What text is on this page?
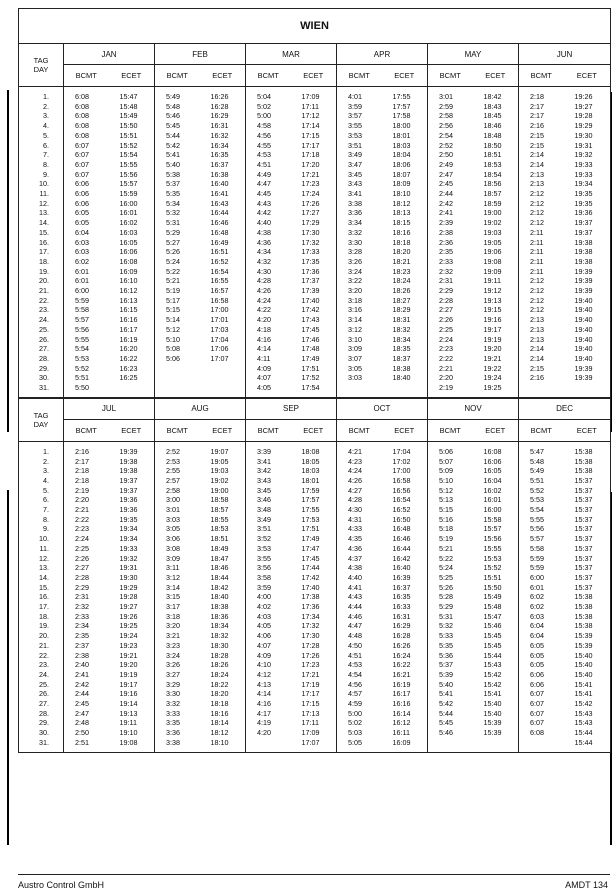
WIEN												

TAG
DAY	JAN		FEB		MAR		APR		MAY		JUN	
	BCMT	ECET	BCMT	ECET	BCMT	ECET	BCMT	ECET	BCMT	ECET	BCMT	ECET
1.	6:08	15:47	5:49	16:26	5:04	17:09	4:01	17:55	3:01	18:42	2:18	19:26
2.	6:08	15:48	5:48	16:28	5:02	17:11	3:59	17:57	2:59	18:43	2:17	19:27
3.	6:08	15:49	5:46	16:29	5:00	17:12	3:57	17:58	2:58	18:45	2:17	19:28
4.	6:08	15:50	5:45	16:31	4:58	17:14	3:55	18:00	2:56	18:46	2:16	19:29
5.	6:08	15:51	5:44	16:32	4:56	17:15	3:53	18:01	2:54	18:48	2:15	19:30
6.	6:07	15:52	5:42	16:34	4:55	17:17	3:51	18:03	2:52	18:50	2:15	19:31
7.	6:07	15:54	5:41	16:35	4:53	17:18	3:49	18:04	2:50	18:51	2:14	19:32
8.	6:07	15:55	5:40	16:37	4:51	17:20	3:47	18:06	2:49	18:53	2:14	19:33
9.	6:07	15:56	5:38	16:38	4:49	17:21	3:45	18:07	2:47	18:54	2:13	19:33
10.	6:06	15:57	5:37	16:40	4:47	17:23	3:43	18:09	2:45	18:56	2:13	19:34
11.	6:06	15:59	5:35	16:41	4:45	17:24	3:41	18:10	2:44	18:57	2:12	19:35
12.	6:06	16:00	5:34	16:43	4:43	17:26	3:38	18:12	2:42	18:59	2:12	19:35
13.	6:05	16:01	5:32	16:44	4:42	17:27	3:36	18:13	2:41	19:00	2:12	19:36
14.	6:05	16:02	5:31	16:46	4:40	17:29	3:34	18:15	2:39	19:02	2:12	19:37
15.	6:04	16:03	5:29	16:48	4:38	17:30	3:32	18:16	2:38	19:03	2:11	19:37
16.	6:03	16:05	5:27	16:49	4:36	17:32	3:30	18:18	2:36	19:05	2:11	19:38
17.	6:03	16:06	5:26	16:51	4:34	17:33	3:28	18:20	2:35	19:06	2:11	19:38
18.	6:02	16:08	5:24	16:52	4:32	17:35	3:26	18:21	2:33	19:08	2:11	19:38
19.	6:01	16:09	5:22	16:54	4:30	17:36	3:24	18:23	2:32	19:09	2:11	19:39
20.	6:01	16:10	5:21	16:55	4:28	17:37	3:22	18:24	2:31	19:11	2:12	19:39
21.	6:00	16:12	5:19	16:57	4:26	17:39	3:20	18:26	2:29	19:12	2:12	19:39
22.	5:59	16:13	5:17	16:58	4:24	17:40	3:18	18:27	2:28	19:13	2:12	19:40
23.	5:58	16:15	5:15	17:00	4:22	17:42	3:16	18:29	2:27	19:15	2:12	19:40
24.	5:57	16:16	5:14	17:01	4:20	17:43	3:14	18:31	2:26	19:16	2:13	19:40
25.	5:56	16:17	5:12	17:03	4:18	17:45	3:12	18:32	2:25	19:17	2:13	19:40
26.	5:55	16:19	5:10	17:04	4:16	17:46	3:10	18:34	2:24	19:19	2:13	19:40
27.	5:54	16:20	5:08	17:06	4:14	17:48	3:09	18:35	2:23	19:20	2:14	19:40
28.	5:53	16:22	5:06	17:07	4:11	17:49	3:07	18:37	2:22	19:21	2:14	19:40
29.	5:52	16:23			4:09	17:51	3:05	18:38	2:21	19:22	2:15	19:39
30.	5:51	16:25			4:07	17:52	3:03	18:40	2:20	19:24	2:16	19:39
31.	5:50				4:05	17:54			2:19	19:25		

TAG
DAY	JUL		AUG		SEP		OCT		NOV		DEC	
	BCMT	ECET	BCMT	ECET	BCMT	ECET	BCMT	ECET	BCMT	ECET	BCMT	ECET
1.	2:16	19:39	2:52	19:07	3:39	18:08	4:21	17:04	5:06	16:08	5:47	15:38
2.	2:17	19:38	2:53	19:05	3:41	18:05	4:23	17:02	5:07	16:06	5:48	15:38
3.	2:18	19:38	2:55	19:03	3:42	18:03	4:24	17:00	5:09	16:05	5:49	15:38
4.	2:18	19:37	2:57	19:02	3:43	18:01	4:26	16:58	5:10	16:04	5:51	15:37
5.	2:19	19:37	2:58	19:00	3:45	17:59	4:27	16:56	5:12	16:02	5:52	15:37
6.	2:20	19:36	3:00	18:58	3:46	17:57	4:28	16:54	5:13	16:01	5:53	15:37
7.	2:21	19:36	3:01	18:57	3:48	17:55	4:30	16:52	5:15	16:00	5:54	15:37
8.	2:22	19:35	3:03	18:55	3:49	17:53	4:31	16:50	5:16	15:58	5:55	15:37
9.	2:23	19:34	3:05	18:53	3:51	17:51	4:33	16:48	5:18	15:57	5:56	15:37
10.	2:24	19:34	3:06	18:51	3:52	17:49	4:35	16:46	5:19	15:56	5:57	15:37
11.	2:25	19:33	3:08	18:49	3:53	17:47	4:36	16:44	5:21	15:55	5:58	15:37
12.	2:26	19:32	3:09	18:47	3:55	17:45	4:37	16:42	5:22	15:53	5:59	15:37
13.	2:27	19:31	3:11	18:46	3:56	17:44	4:38	16:40	5:24	15:52	5:59	15:37
14.	2:28	19:30	3:12	18:44	3:58	17:42	4:40	16:39	5:25	15:51	6:00	15:37
15.	2:29	19:29	3:14	18:42	3:59	17:40	4:41	16:37	5:26	15:50	6:01	15:37
16.	2:31	19:28	3:15	18:40	4:00	17:38	4:43	16:35	5:28	15:49	6:02	15:38
17.	2:32	19:27	3:17	18:38	4:02	17:36	4:44	16:33	5:29	15:48	6:02	15:38
18.	2:33	19:26	3:18	18:36	4:03	17:34	4:46	16:31	5:31	15:47	6:03	15:38
19.	2:34	19:25	3:20	18:34	4:05	17:32	4:47	16:29	5:32	15:46	6:04	15:38
20.	2:35	19:24	3:21	18:32	4:06	17:30	4:48	16:28	5:33	15:45	6:04	15:39
21.	2:37	19:23	3:23	18:30	4:07	17:28	4:50	16:26	5:35	15:45	6:05	15:39
22.	2:38	19:21	3:24	18:28	4:09	17:26	4:51	16:24	5:36	15:44	6:05	15:40
23.	2:40	19:20	3:26	18:26	4:10	17:23	4:53	16:22	5:37	15:43	6:05	15:40
24.	2:41	19:19	3:27	18:24	4:12	17:21	4:54	16:21	5:39	15:42	6:06	15:40
25.	2:42	19:17	3:29	18:22	4:13	17:19	4:56	16:19	5:40	15:42	6:06	15:41
26.	2:44	19:16	3:30	18:20	4:14	17:17	4:57	16:17	5:41	15:41	6:07	15:41
27.	2:45	19:14	3:32	18:18	4:16	17:15	4:59	16:16	5:42	15:40	6:07	15:42
28.	2:47	19:13	3:33	18:16	4:17	17:13	5:00	16:14	5:44	15:40	6:07	15:43
29.	2:48	19:11	3:35	18:14	4:19	17:11	5:02	16:12	5:45	15:39	6:07	15:43
30.	2:50	19:10	3:36	18:12	4:20	17:09	5:03	16:11	5:46	15:39	6:08	15:44
31.	2:51	19:08	3:38	18:10		17:07	5:05	16:09				15:44

Austro Control GmbH	AMDT 134
